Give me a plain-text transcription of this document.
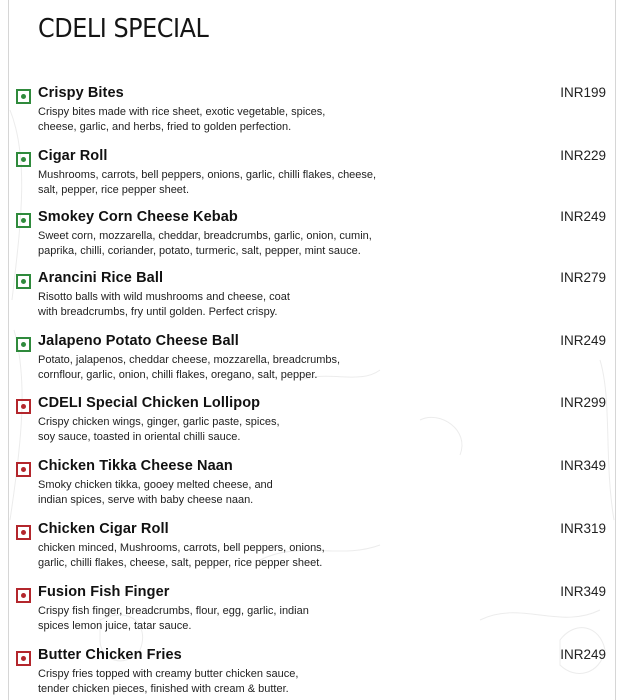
CDELI SPECIAL
Crispy Bites	INR199
Crispy bites made with rice sheet, exotic vegetable, spices,
cheese, garlic, and herbs, fried to golden perfection.
Cigar Roll	INR229
Mushrooms, carrots, bell peppers, onions, garlic, chilli flakes, cheese,
salt, pepper, rice pepper sheet.
Smokey Corn Cheese Kebab	INR249
Sweet corn, mozzarella, cheddar, breadcrumbs, garlic, onion, cumin,
paprika, chilli, coriander, potato, turmeric, salt, pepper, mint sauce.
Arancini Rice Ball	INR279
Risotto balls with wild mushrooms and cheese, coat
with breadcrumbs, fry until golden. Perfect crispy.
Jalapeno Potato Cheese Ball	INR249
Potato, jalapenos, cheddar cheese, mozzarella, breadcrumbs,
cornflour, garlic, onion, chilli flakes, oregano, salt, pepper.
CDELI Special Chicken Lollipop	INR299
Crispy chicken wings, ginger, garlic paste, spices,
soy sauce, toasted in oriental chilli sauce.
Chicken Tikka Cheese Naan	INR349
Smoky chicken tikka, gooey melted cheese, and
indian spices, serve with baby cheese naan.
Chicken Cigar Roll	INR319
chicken minced, Mushrooms, carrots, bell peppers, onions,
garlic, chilli flakes, cheese, salt, pepper, rice pepper sheet.
Fusion Fish Finger	INR349
Crispy fish finger, breadcrumbs, flour, egg, garlic, indian
spices lemon juice, tatar sauce.
Butter Chicken Fries	INR249
Crispy fries topped with creamy butter chicken sauce,
tender chicken pieces, finished with cream & butter.
